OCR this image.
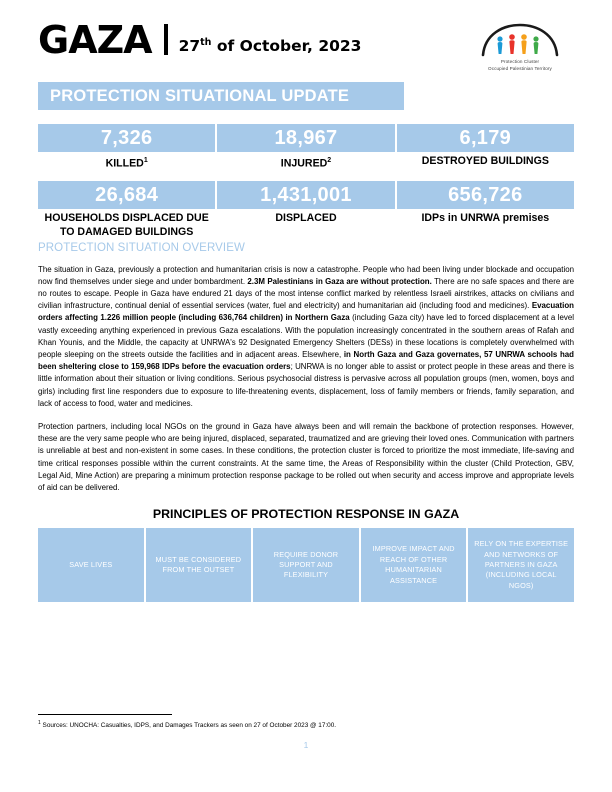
GAZA 27th of October, 2023
Protection Cluster
Occupied Palestinian Territory
PROTECTION SITUATIONAL UPDATE
7,326
KILLED$^1$
18,967
INJURED$^2$
6,179
DESTROYED BUILDINGS
26,684
HOUSEHOLDS DISPLACED DUE TO DAMAGED BUILDINGS
1,431,001
DISPLACED
656,726
IDPs in UNRWA premises
PROTECTION SITUATION OVERVIEW

The situation in Gaza, previously a protection and humanitarian crisis is now a catastrophe. People who had been living under blockade and occupation now find themselves under siege and under bombardment. 2.3M Palestinians in Gaza are without protection. There are no safe spaces and there are no routes to escape. People in Gaza have endured 21 days of the most intense conflict marked by relentless Israeli airstrikes, attacks on civilians and civilian infrastructure, continual denial of essential services (water, fuel and electricity) and humanitarian aid (including food and medicines). Evacuation orders affecting 1.226 million people (including 636,764 children) in Northern Gaza (including Gaza city) have led to forced displacement at a level vastly exceeding anything experienced in previous Gaza escalations. With the population increasingly concentrated in the southern areas of Rafah and Khan Younis, and the Middle, the capacity at UNRWA's 92 Designated Emergency Shelters (DESs) in these locations is completely overwhelmed with people sleeping on the streets outside the facilities and in adjacent areas. Elsewhere, in North Gaza and Gaza governates, 57 UNRWA schools had been sheltering close to 159,968 IDPs before the evacuation orders; UNRWA is no longer able to assist or protect people in these areas and there is little information about their situation or living conditions. Serious psychosocial distress is pervasive across all population groups (men, women, boys and girls) including first line responders due to exposure to life-threatening events, displacement, loss of family members or friends, family separation, and lack of access to food, water and medicines.

Protection partners, including local NGOs on the ground in Gaza have always been and will remain the backbone of protection responses. However, these are the very same people who are being injured, displaced, separated, traumatized and are grieving their loved ones. Communication with partners is unreliable at best and non-existent in some cases. In these conditions, the protection cluster is forced to prioritize the most immediate, life-saving and time critical responses possible within the current constraints. At the same time, the Areas of Responsibility within the cluster (Child Protection, GBV, Legal Aid, Mine Action) are preparing a minimum protection response package to be rolled out when security and access improve and appropriate levels of aid can be delivered.

PRINCIPLES OF PROTECTION RESPONSE IN GAZA
SAVE LIVES
MUST BE CONSIDERED FROM THE OUTSET
REQUIRE DONOR SUPPORT AND FLEXIBILITY
IMPROVE IMPACT AND REACH OF OTHER HUMANITARIAN ASSISTANCE
RELY ON THE EXPERTISE AND NETWORKS OF PARTNERS IN GAZA (INCLUDING LOCAL NGOS)
$^1$ Sources: UNOCHA: Casualties, IDPS, and Damages Trackers as seen on 27 of October 2023 @ 17:00.
1
